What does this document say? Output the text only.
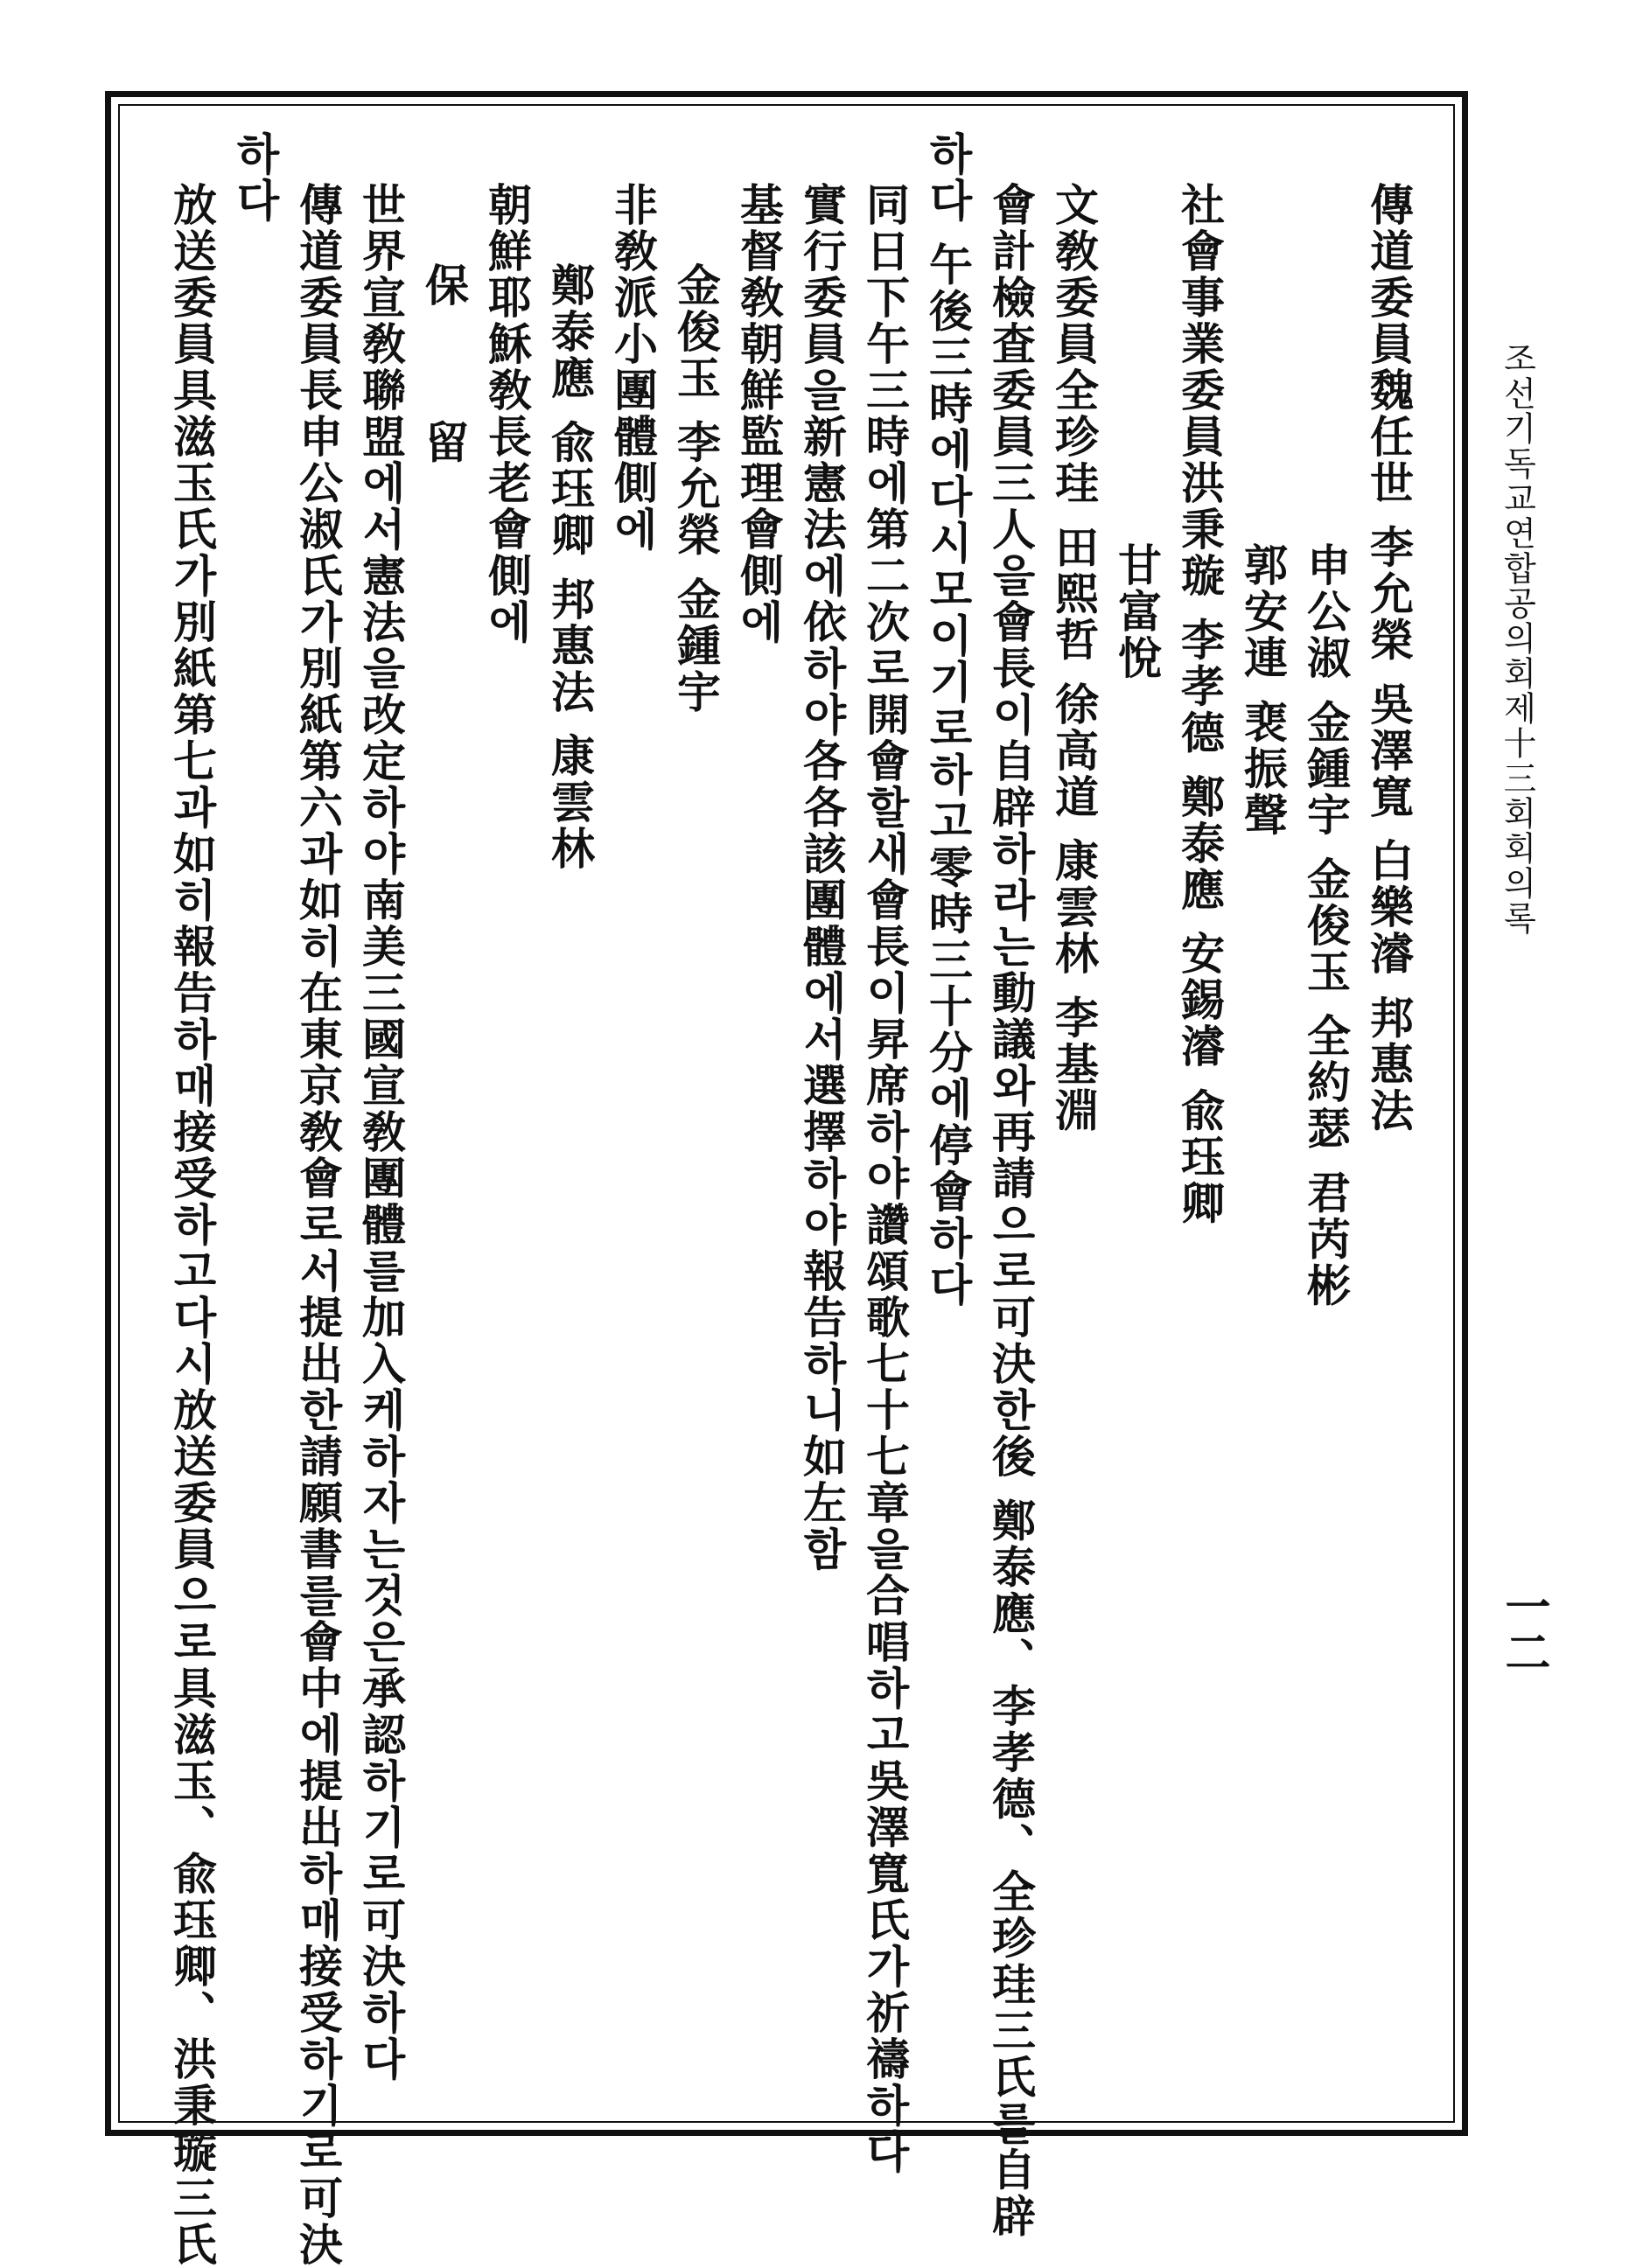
조선기독교연합공의회제十三회회의록
一二
傳道委員魏任世 李允榮 吳澤寬 白樂濬 邦惠法
申公淑 金鍾宇 金俊玉 全約瑟 君芮彬
郭安連 裵振聲
社會事業委員洪秉璇 李孝德 鄭泰應 安錫濬 兪珏卿
甘富悅
文敎委員全珍珪 田熙哲 徐高道 康雲林 李基淵
會計檢査委員三人을會長이自辟하라는動議와再請으로可決한後 鄭泰應、李孝德、全珍珪三氏를自辟
하다 午後三時에다시모이기로하고零時三十分에停會하다
同日下午三時에第二次로開會할새會長이昇席하야讚頌歌七十七章을合唱하고吳澤寬氏가祈禱하다
實行委員을新憲法에依하야各各該團體에서選擇하야報告하니如左함
基督敎朝鮮監理會側에
金俊玉 李允榮 金鍾宇
非敎派小團體側에
鄭泰應 兪珏卿 邦惠法 康雲林
朝鮮耶穌敎長老會側에
保 留
世界宣敎聯盟에서憲法을改定하야南美三國宣敎團體를加入케하자는것은承認하기로可決하다
傳道委員長申公淑氏가別紙第六과如히在東京敎會로서提出한請願書를會中에提出하매接受하기로可決
하다
放送委員具滋玉氏가別紙第七과如히報告하매接受하고다시放送委員으로具滋玉、兪珏卿、洪秉璇三氏
